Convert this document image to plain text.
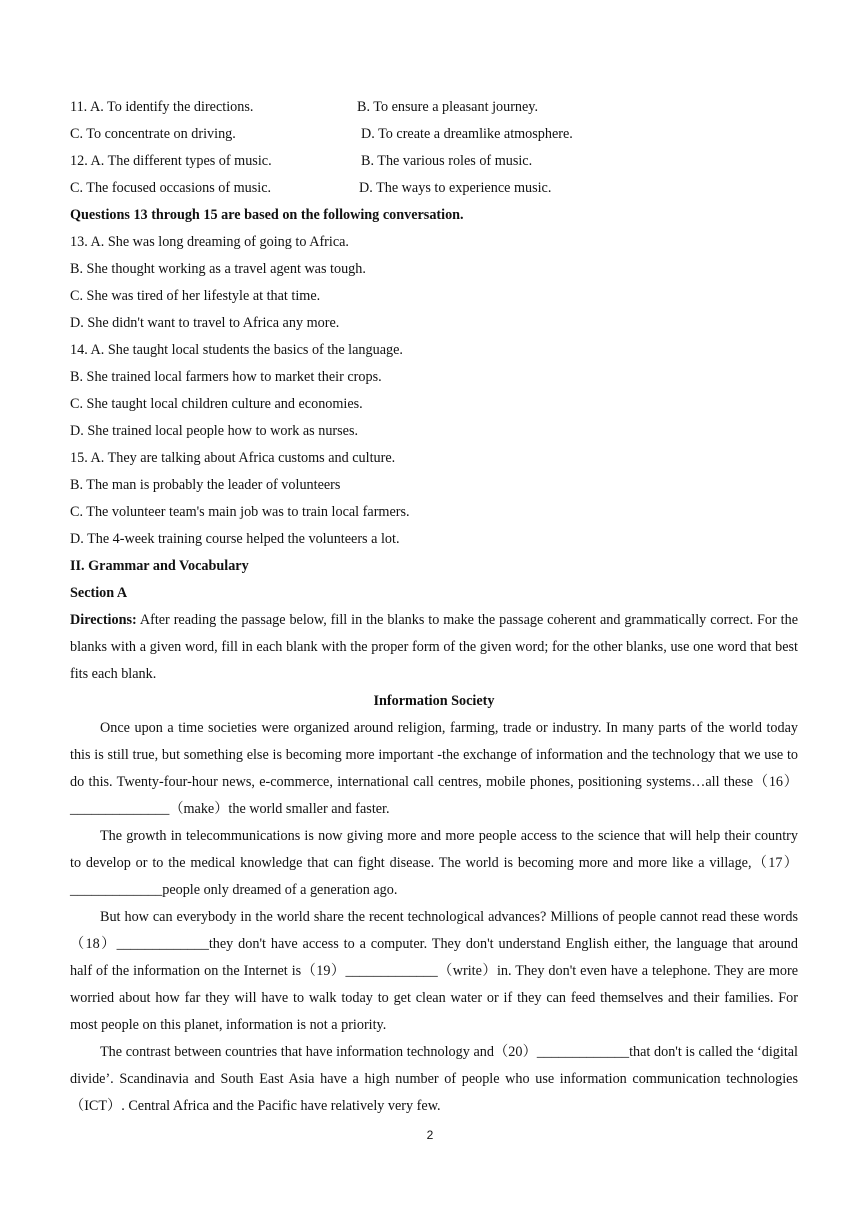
11. A. To identify the directions.	B. To ensure a pleasant journey.
C. To concentrate on driving.	D. To create a dreamlike atmosphere.
12. A. The different types of music.	B. The various roles of music.
C. The focused occasions of music.	D. The ways to experience music.
Questions 13 through 15 are based on the following conversation.
13. A. She was long dreaming of going to Africa.
B. She thought working as a travel agent was tough.
C. She was tired of her lifestyle at that time.
D. She didn't want to travel to Africa any more.
14. A. She taught local students the basics of the language.
B. She trained local farmers how to market their crops.
C. She taught local children culture and economies.
D. She trained local people how to work as nurses.
15. A. They are talking about Africa customs and culture.
B. The man is probably the leader of volunteers
C. The volunteer team's main job was to train local farmers.
D. The 4-week training course helped the volunteers a lot.
II. Grammar and Vocabulary
Section A
Directions: After reading the passage below, fill in the blanks to make the passage coherent and grammatically correct. For the blanks with a given word, fill in each blank with the proper form of the given word; for the other blanks, use one word that best fits each blank.
Information Society

Once upon a time societies were organized around religion, farming, trade or industry. In many parts of the world today this is still true, but something else is becoming more important -the exchange of information and the technology that we use to do this. Twenty-four-hour news, e-commerce, international call centres, mobile phones, positioning systems…all these（16）______________（make）the world smaller and faster.

The growth in telecommunications is now giving more and more people access to the science that will help their country to develop or to the medical knowledge that can fight disease. The world is becoming more and more like a village,（17）_____________people only dreamed of a generation ago.

But how can everybody in the world share the recent technological advances? Millions of people cannot read these words（18）_____________they don't have access to a computer. They don't understand English either, the language that around half of the information on the Internet is（19）_____________（write）in. They don't even have a telephone. They are more worried about how far they will have to walk today to get clean water or if they can feed themselves and their families. For most people on this planet, information is not a priority.

The contrast between countries that have information technology and（20）_____________that don't is called the ‘digital divide’. Scandinavia and South East Asia have a high number of people who use information communication technologies（ICT）. Central Africa and the Pacific have relatively very few.

2
